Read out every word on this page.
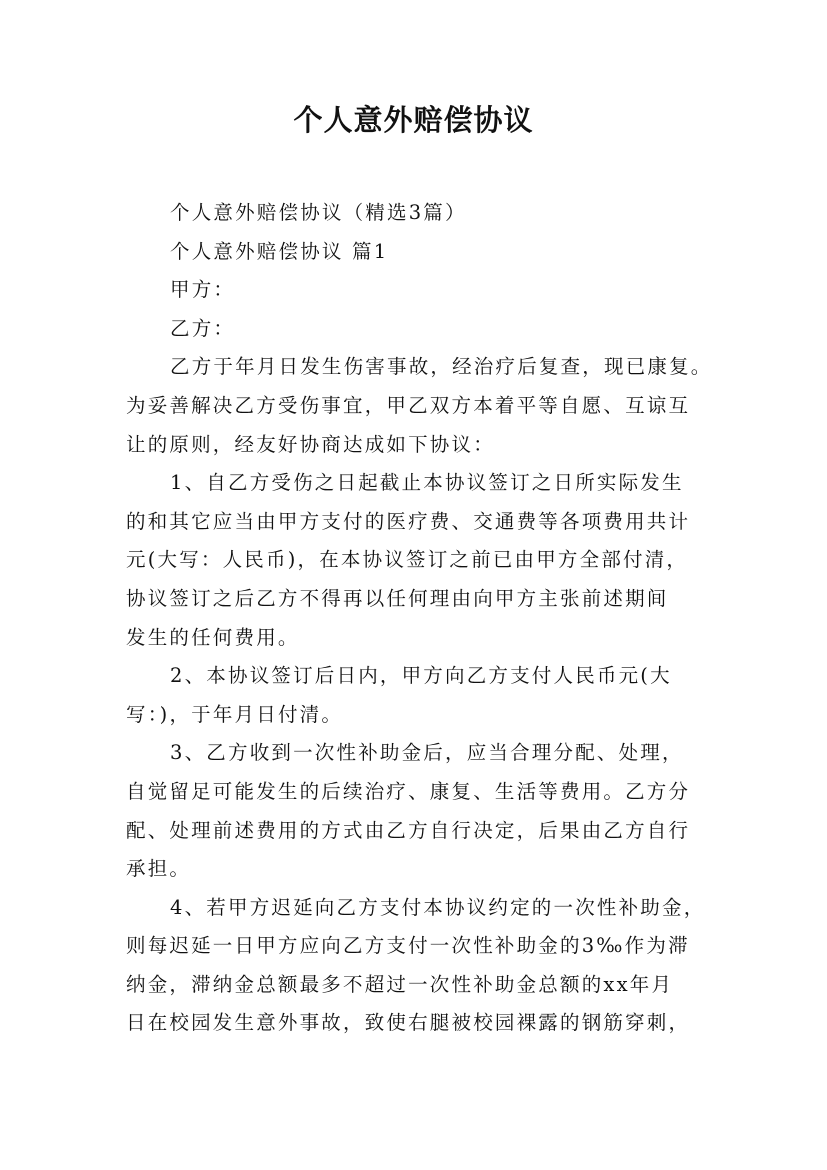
个人意外赔偿协议
个人意外赔偿协议（精选3篇）
个人意外赔偿协议 篇1
甲方：
乙方：
乙方于年月日发生伤害事故，经治疗后复查，现已康复。
为妥善解决乙方受伤事宜，甲乙双方本着平等自愿、互谅互
让的原则，经友好协商达成如下协议：
1、自乙方受伤之日起截止本协议签订之日所实际发生
的和其它应当由甲方支付的医疗费、交通费等各项费用共计
元(大写：人民币)，在本协议签订之前已由甲方全部付清，
协议签订之后乙方不得再以任何理由向甲方主张前述期间
发生的任何费用。
2、本协议签订后日内，甲方向乙方支付人民币元(大
写：)，于年月日付清。
3、乙方收到一次性补助金后，应当合理分配、处理，
自觉留足可能发生的后续治疗、康复、生活等费用。乙方分
配、处理前述费用的方式由乙方自行决定，后果由乙方自行
承担。
4、若甲方迟延向乙方支付本协议约定的一次性补助金，
则每迟延一日甲方应向乙方支付一次性补助金的3‰作为滞
纳金，滞纳金总额最多不超过一次性补助金总额的xx年月
日在校园发生意外事故，致使右腿被校园裸露的钢筋穿刺，
